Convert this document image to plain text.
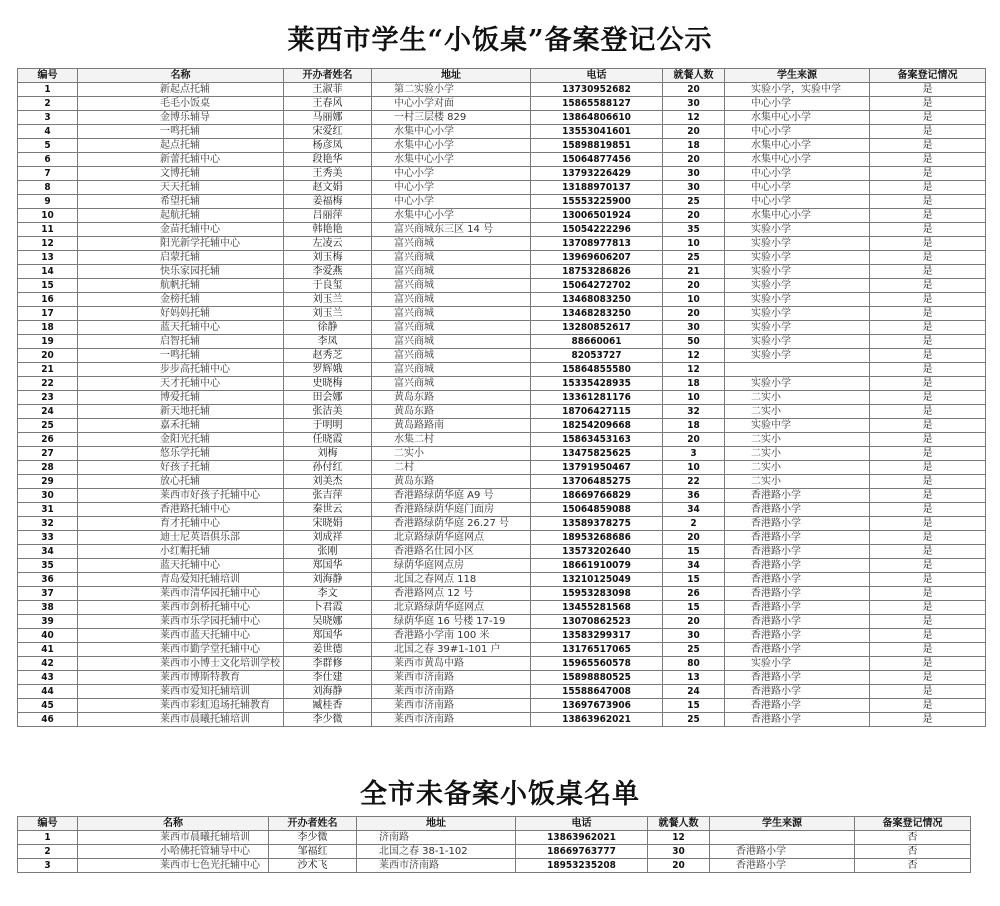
莱西市学生“小饭桌”备案登记公示
编号	名称	开办者姓名	地址	电话	就餐人数	学生来源	备案登记情况
1	新起点托辅	王淑菲	第二实验小学	13730952682	20	实验小学，实验中学	是
2	毛毛小饭桌	王春风	中心小学对面	15865588127	30	中心小学	是
3	金博乐辅导	马丽娜	一村三层楼 829	13864806610	12	水集中心小学	是
4	一鸣托辅	宋爱红	水集中心小学	13553041601	20	中心小学	是
5	起点托辅	杨彦凤	水集中心小学	15898819851	18	水集中心小学	是
6	新蕾托辅中心	段艳华	水集中心小学	15064877456	20	水集中心小学	是
7	文博托辅	王秀美	中心小学	13793226429	30	中心小学	是
8	天天托辅	赵文娟	中心小学	13188970137	30	中心小学	是
9	希望托辅	姜福梅	中心小学	15553225900	25	中心小学	是
10	起航托辅	吕丽萍	水集中心小学	13006501924	20	水集中心小学	是
11	金苗托辅中心	韩艳艳	富兴商城东三区 14 号	15054222296	35	实验小学	是
12	阳光新学托辅中心	左凌云	富兴商城	13708977813	10	实验小学	是
13	启蒙托辅	刘玉梅	富兴商城	13969606207	25	实验小学	是
14	快乐家园托辅	李爱燕	富兴商城	18753286826	21	实验小学	是
15	航帆托辅	于良玺	富兴商城	15064272702	20	实验小学	是
16	金榜托辅	刘玉兰	富兴商城	13468083250	10	实验小学	是
17	好妈妈托辅	刘玉兰	富兴商城	13468283250	20	实验小学	是
18	蓝天托辅中心	徐静	富兴商城	13280852617	30	实验小学	是
19	启智托辅	李凤	富兴商城	88660061	50	实验小学	是
20	一鸣托辅	赵秀芝	富兴商城	82053727	12	实验小学	是
21	步步高托辅中心	罗辉娥	富兴商城	15864855580	12		是
22	天才托辅中心	史晓梅	富兴商城	15335428935	18	实验小学	是
23	博爱托辅	田会娜	黄岛东路	13361281176	10	二实小	是
24	新天地托辅	张洁美	黄岛东路	18706427115	32	二实小	是
25	嘉禾托辅	于明明	黄岛路路南	18254209668	18	实验中学	是
26	金阳光托辅	任晓霞	水集二村	15863453163	20	二实小	是
27	悠乐学托辅	刘梅	二实小	13475825625	3	二实小	是
28	好孩子托辅	孙付红	二村	13791950467	10	二实小	是
29	放心托辅	刘美杰	黄岛东路	13706485275	22	二实小	是
30	莱西市好孩子托辅中心	张吉萍	香港路绿荫华庭 A9 号	18669766829	36	香港路小学	是
31	香港路托辅中心	秦世云	香港路绿荫华庭门面房	15064859088	34	香港路小学	是
32	育才托辅中心	宋晓娟	香港路绿荫华庭 26.27 号	13589378275	2	香港路小学	是
33	迪士尼英语俱乐部	刘成祥	北京路绿荫华庭网点	18953268686	20	香港路小学	是
34	小红帽托辅	张刚	香港路名仕园小区	13573202640	15	香港路小学	是
35	蓝天托辅中心	郑国华	绿荫华庭网点房	18661910079	34	香港路小学	是
36	青岛爱知托辅培训	刘海静	北国之春网点 118	13210125049	15	香港路小学	是
37	莱西市清华园托辅中心	李文	香港路网点 12 号	15953283098	26	香港路小学	是
38	莱西市剑桥托辅中心	卜君霞	北京路绿荫华庭网点	13455281568	15	香港路小学	是
39	莱西市乐学园托辅中心	吴晓娜	绿荫华庭 16 号楼 17-19	13070862523	20	香港路小学	是
40	莱西市蓝天托辅中心	郑国华	香港路小学南 100 米	13583299317	30	香港路小学	是
41	莱西市勤学堂托辅中心	姜世德	北国之春 39#1-101 户	13176517065	25	香港路小学	是
42	莱西市小博士文化培训学校	李群修	莱西市黄岛中路	15965560578	80	实验小学	是
43	莱西市博斯特教育	李仕建	莱西市济南路	15898880525	13	香港路小学	是
44	莱西市爱知托辅培训	刘海静	莱西市济南路	15588647008	24	香港路小学	是
45	莱西市彩虹追场托辅教育	臧桂香	莱西市济南路	13697673906	15	香港路小学	是
46	莱西市晨曦托辅培训	李少微	莱西市济南路	13863962021	25	香港路小学	是
全市未备案小饭桌名单
编号	名称	开办者姓名	地址	电话	就餐人数	学生来源	备案登记情况
1	莱西市晨曦托辅培训	李少微	济南路	13863962021	12		否
2	小哈佛托管辅导中心	邹福红	北国之春 38-1-102	18669763777	30	香港路小学	否
3	莱西市七色光托辅中心	沙术飞	莱西市济南路	18953235208	20	香港路小学	否
